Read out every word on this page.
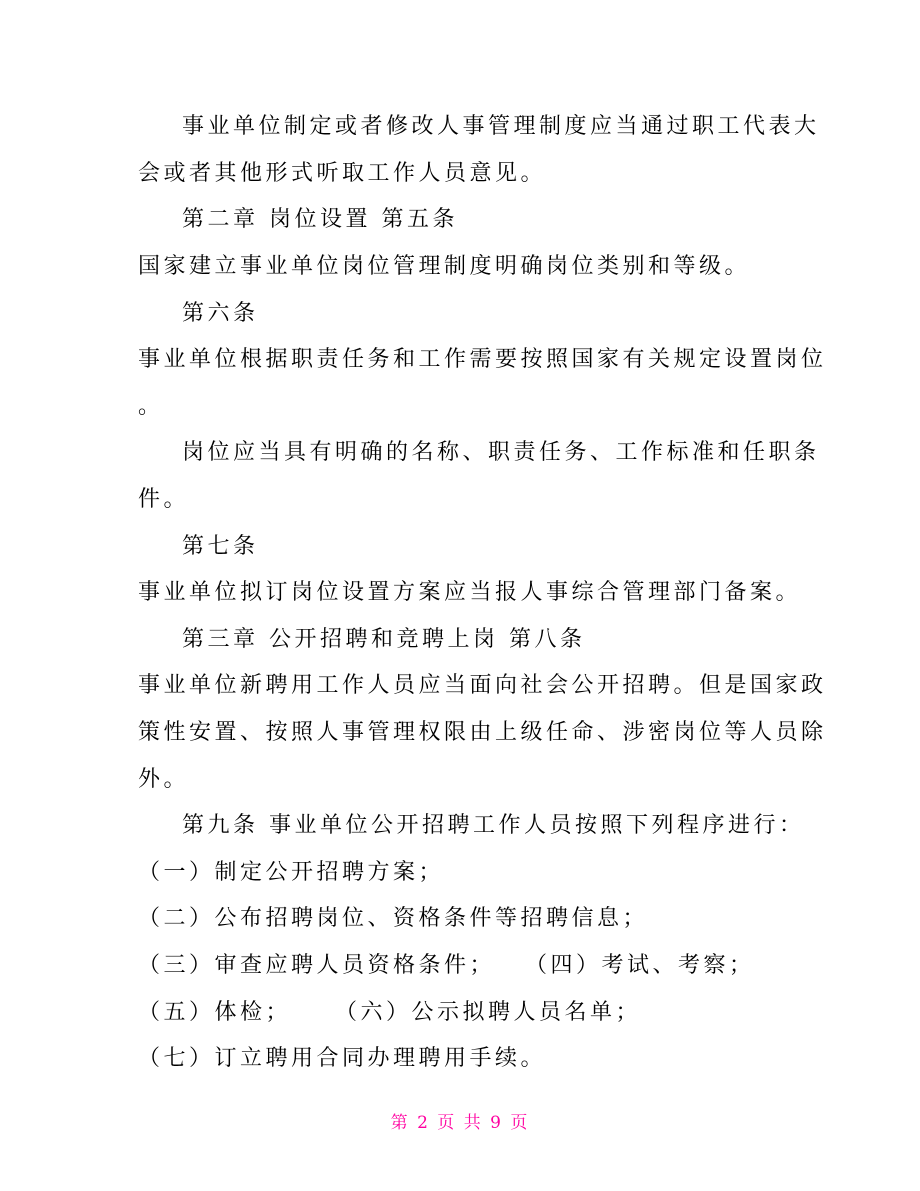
事业单位制定或者修改人事管理制度应当通过职工代表大
会或者其他形式听取工作人员意见。
第二章 岗位设置 第五条
国家建立事业单位岗位管理制度明确岗位类别和等级。
第六条
事业单位根据职责任务和工作需要按照国家有关规定设置岗位
。
岗位应当具有明确的名称、职责任务、工作标准和任职条
件。
第七条
事业单位拟订岗位设置方案应当报人事综合管理部门备案。
第三章 公开招聘和竞聘上岗 第八条
事业单位新聘用工作人员应当面向社会公开招聘。但是国家政
策性安置、按照人事管理权限由上级任命、涉密岗位等人员除
外。
第九条 事业单位公开招聘工作人员按照下列程序进行：
（一）制定公开招聘方案；
（二）公布招聘岗位、资格条件等招聘信息；
（三）审查应聘人员资格条件； （四）考试、考察；
（五）体检； （六）公示拟聘人员名单；
（七）订立聘用合同办理聘用手续。
第 2 页 共 9 页
